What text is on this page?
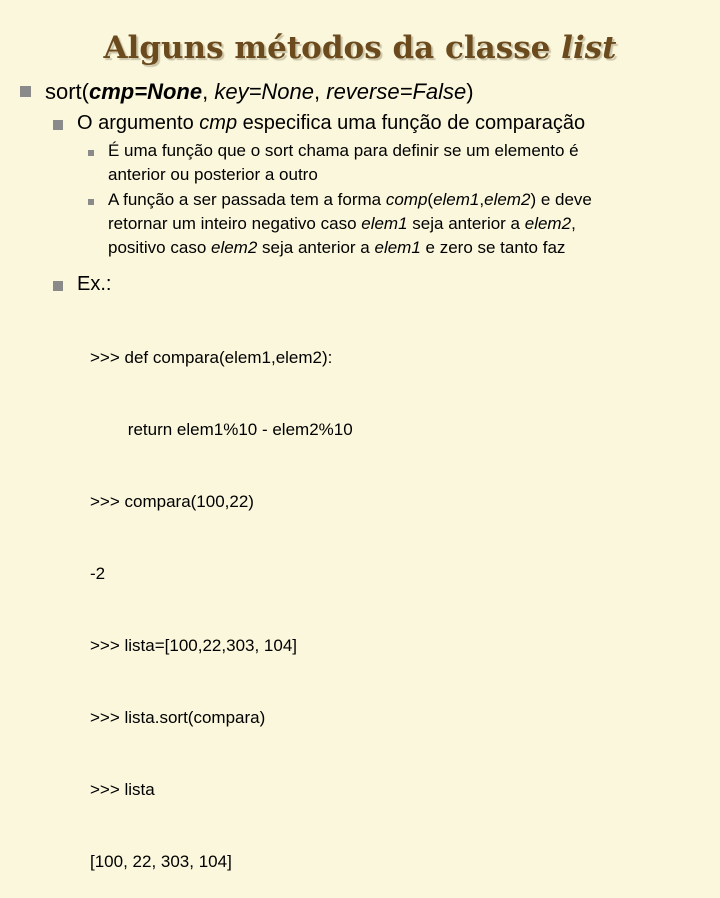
Alguns métodos da classe list
sort(cmp=None, key=None, reverse=False)
O argumento cmp especifica uma função de comparação
É uma função que o sort chama para definir se um elemento é
anterior ou posterior a outro
A função a ser passada tem a forma comp(elem1,elem2) e deve
retornar um inteiro negativo caso elem1 seja anterior a elem2,
positivo caso elem2 seja anterior a elem1 e zero se tanto faz
Ex.:

>>> def compara(elem1,elem2):

return elem1%10 - elem2%10

>>> compara(100,22)

-2

>>> lista=[100,22,303, 104]

>>> lista.sort(compara)

>>> lista

[100, 22, 303, 104]
